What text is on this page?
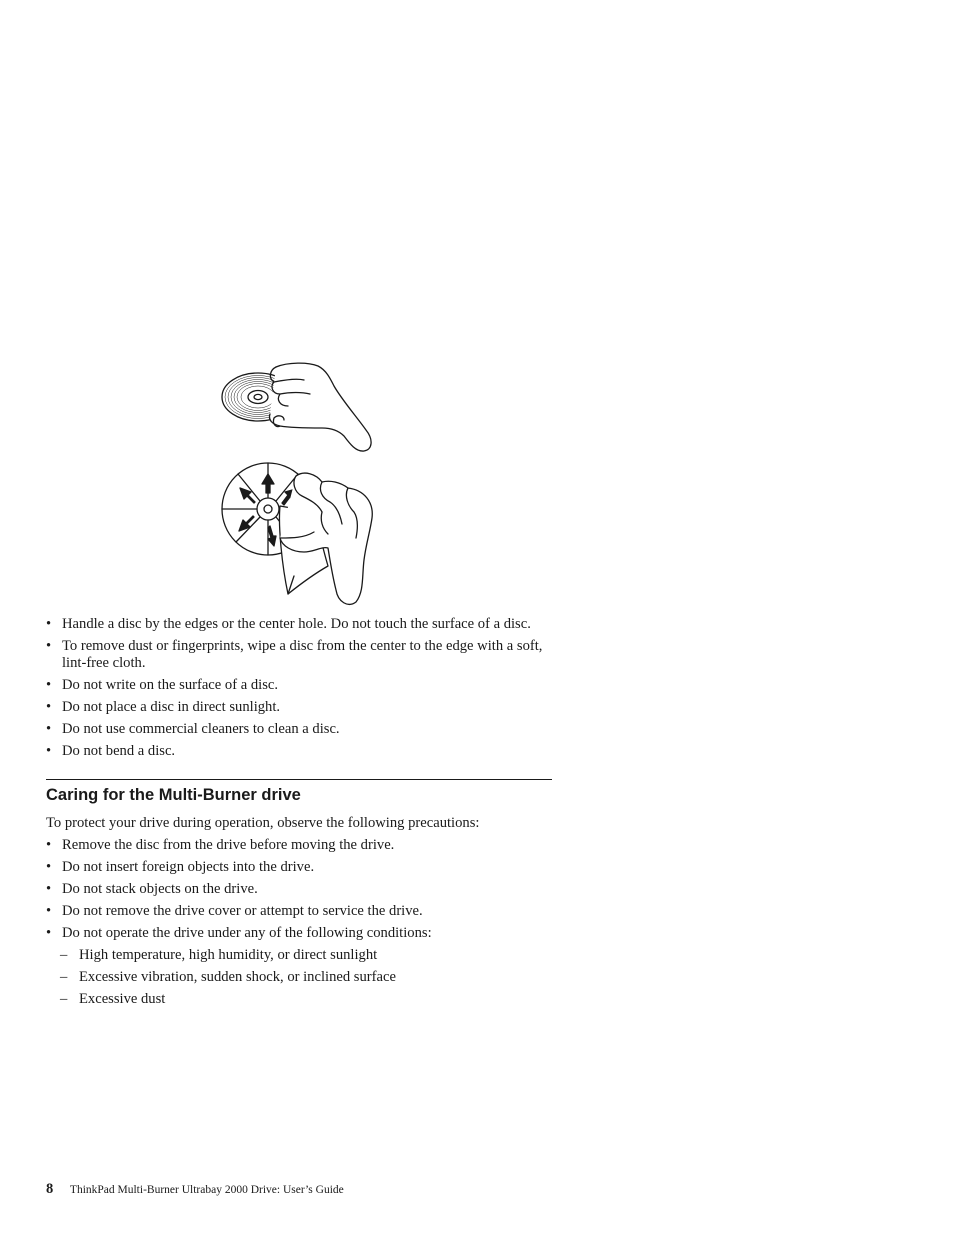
• Handle a disc by the edges or the center hole. Do not touch the surface of a disc.
• To remove dust or fingerprints, wipe a disc from the center to the edge with a soft, lint-free cloth.
• Do not write on the surface of a disc.
• Do not place a disc in direct sunlight.
• Do not use commercial cleaners to clean a disc.
• Do not bend a disc.
Caring for the Multi-Burner drive

To protect your drive during operation, observe the following precautions:

• Remove the disc from the drive before moving the drive.
• Do not insert foreign objects into the drive.
• Do not stack objects on the drive.
• Do not remove the drive cover or attempt to service the drive.
• Do not operate the drive under any of the following conditions:
– High temperature, high humidity, or direct sunlight
– Excessive vibration, sudden shock, or inclined surface
– Excessive dust
8 ThinkPad Multi-Burner Ultrabay 2000 Drive: User’s Guide
